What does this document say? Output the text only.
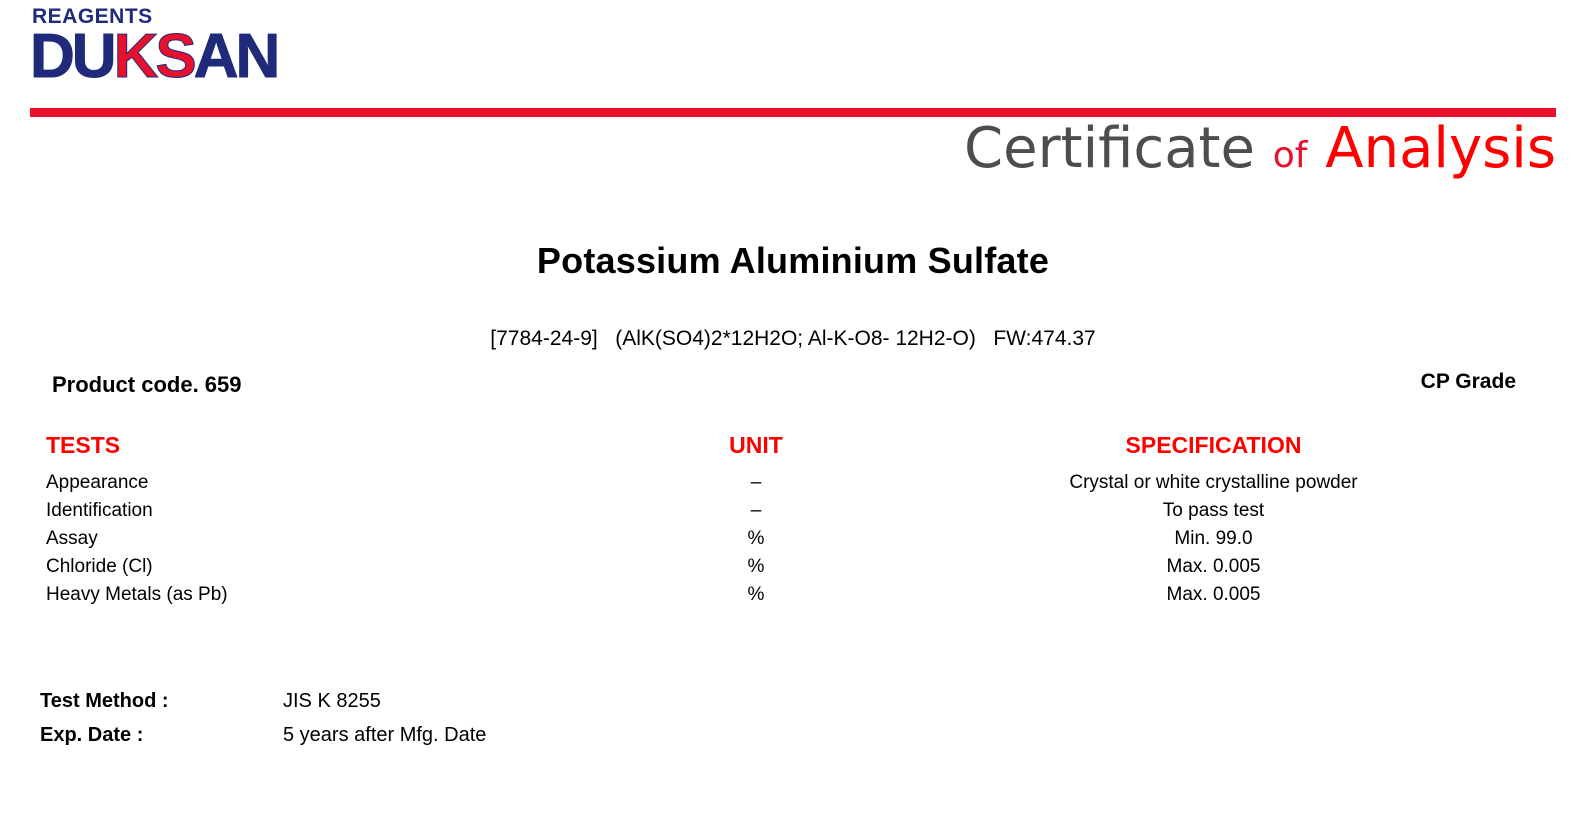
REAGENTS
DUKSAN
Certificate of Analysis
Potassium Aluminium Sulfate
[7784-24-9] (AlK(SO4)2*12H2O; Al-K-O8- 12H2-O) FW:474.37
Product code. 659	CP Grade
TESTS	UNIT	SPECIFICATION
Appearance	–	Crystal or white crystalline powder
Identification	–	To pass test
Assay	%	Min. 99.0
Chloride (Cl)	%	Max. 0.005
Heavy Metals (as Pb)	%	Max. 0.005
Test Method :	JIS K 8255
Exp. Date :	5 years after Mfg. Date
